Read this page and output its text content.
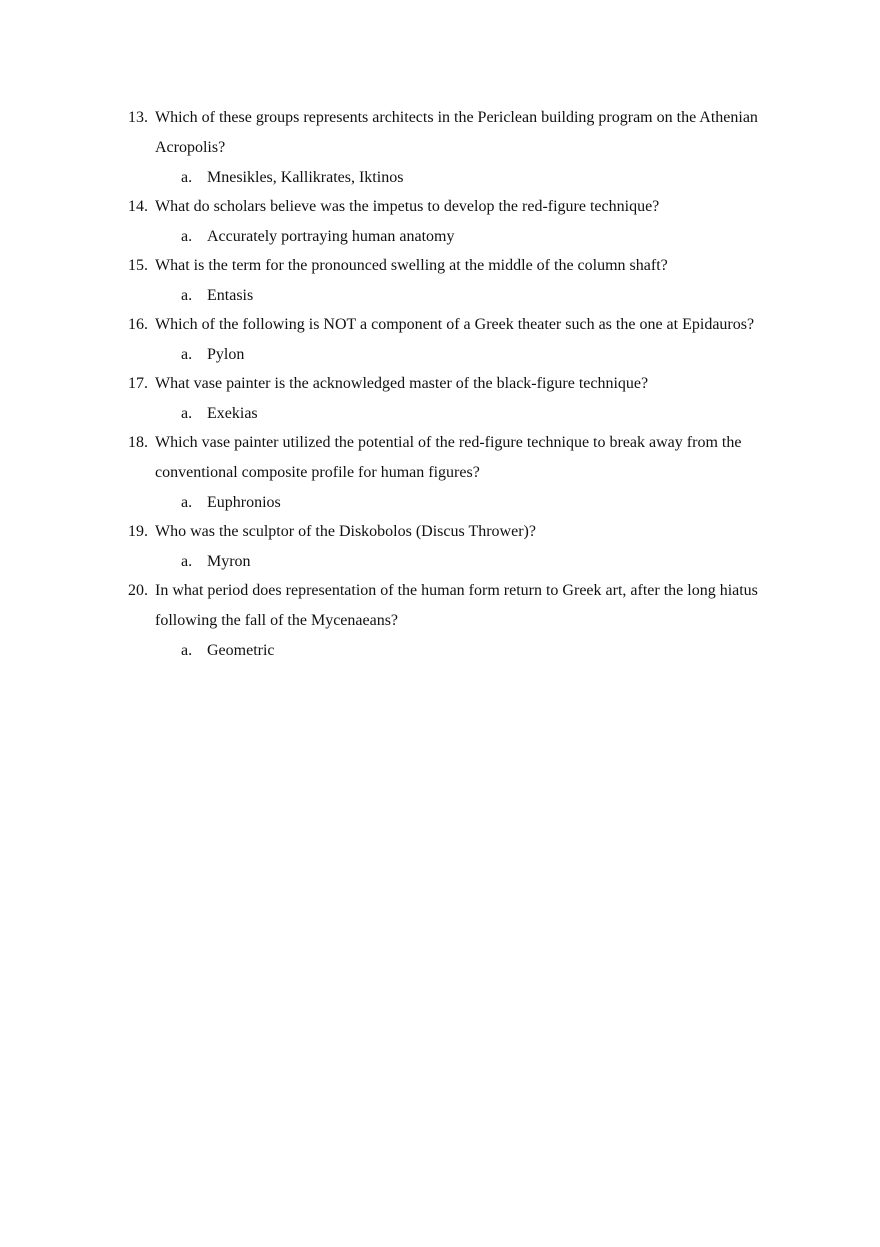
13. Which of these groups represents architects in the Periclean building program on the Athenian Acropolis?
a. Mnesikles, Kallikrates, Iktinos
14. What do scholars believe was the impetus to develop the red-figure technique?
a. Accurately portraying human anatomy
15. What is the term for the pronounced swelling at the middle of the column shaft?
a. Entasis
16. Which of the following is NOT a component of a Greek theater such as the one at Epidauros?
a. Pylon
17. What vase painter is the acknowledged master of the black-figure technique?
a. Exekias
18. Which vase painter utilized the potential of the red-figure technique to break away from the conventional composite profile for human figures?
a. Euphronios
19. Who was the sculptor of the Diskobolos (Discus Thrower)?
a. Myron
20. In what period does representation of the human form return to Greek art, after the long hiatus following the fall of the Mycenaeans?
a. Geometric
